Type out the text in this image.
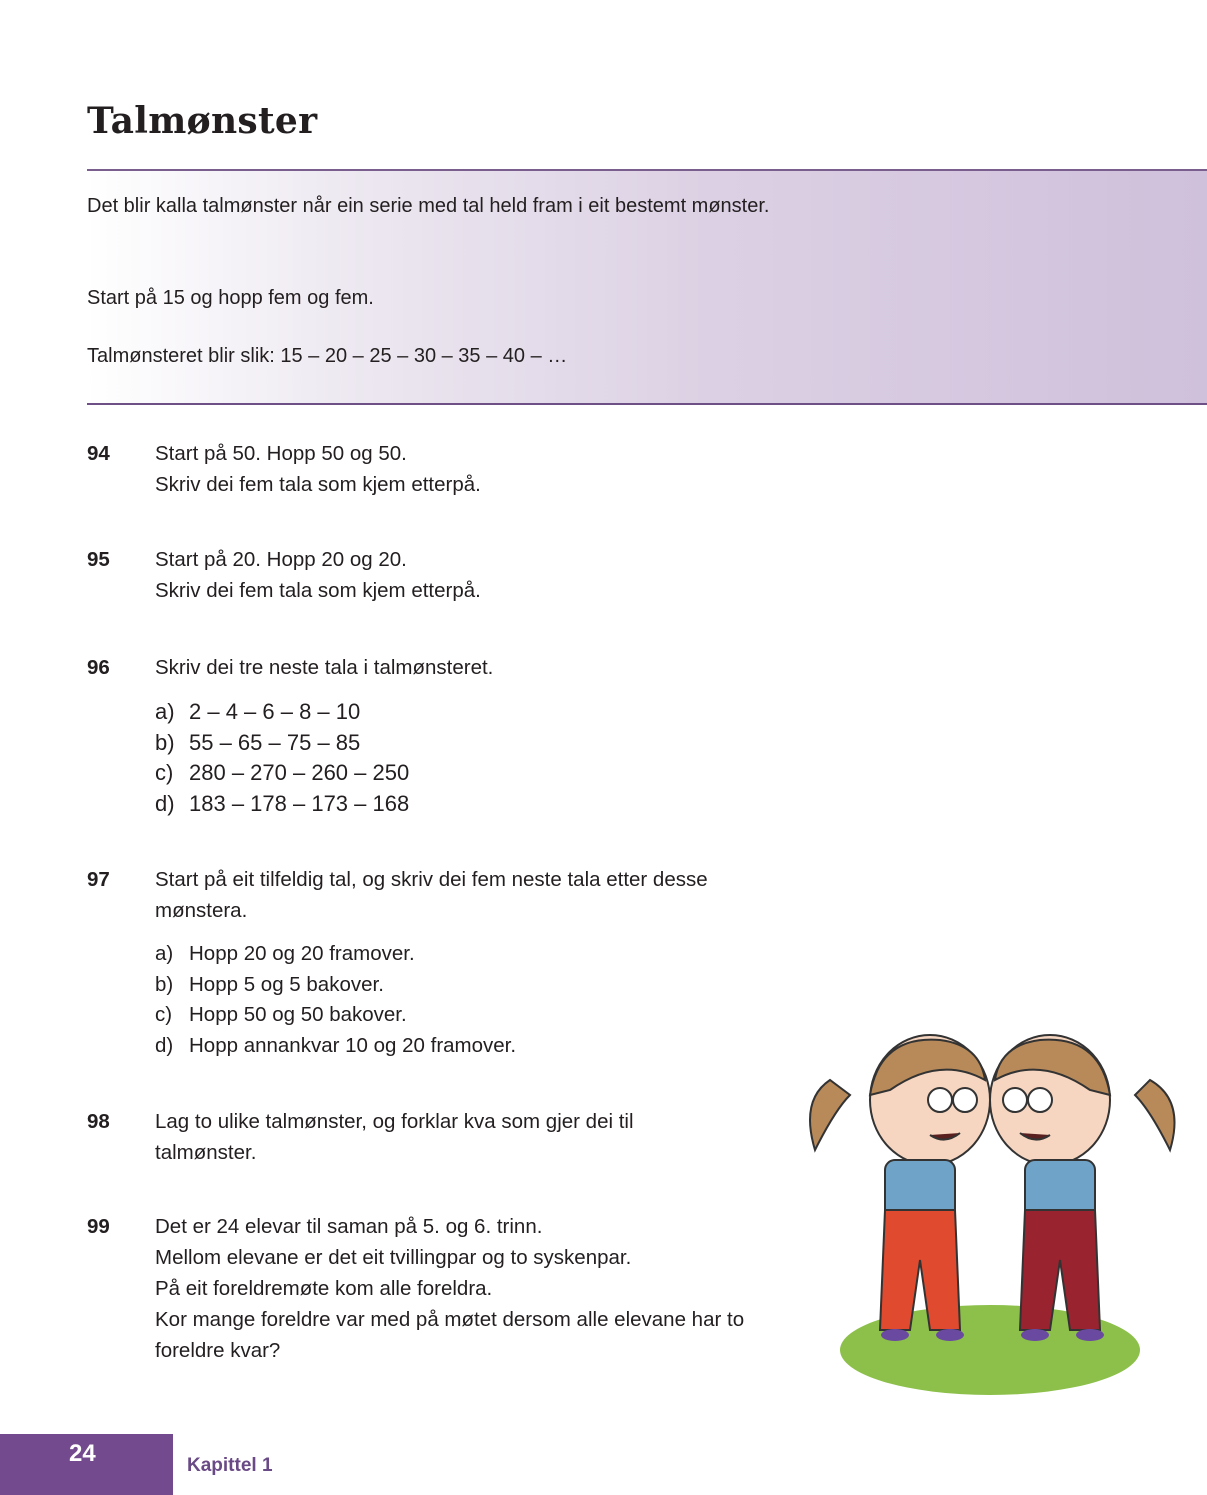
Talmønster

Det blir kalla talmønster når ein serie med tal held fram i eit bestemt mønster.

Start på 15 og hopp fem og fem.

Talmønsteret blir slik: 15 – 20 – 25 – 30 – 35 – 40 – …

94	Start på 50. Hopp 50 og 50.
Skriv dei fem tala som kjem etterpå.
95	Start på 20. Hopp 20 og 20.
Skriv dei fem tala som kjem etterpå.
96	Skriv dei tre neste tala i talmønsteret.
a) 2 – 4 – 6 – 8 – 10
b) 55 – 65 – 75 – 85
c) 280 – 270 – 260 – 250
d) 183 – 178 – 173 – 168
97	Start på eit tilfeldig tal, og skriv dei fem neste tala etter desse mønstera.
a) Hopp 20 og 20 framover.
b) Hopp 5 og 5 bakover.
c) Hopp 50 og 50 bakover.
d) Hopp annankvar 10 og 20 framover.
98	Lag to ulike talmønster, og forklar kva som gjer dei til talmønster.
99	Det er 24 elevar til saman på 5. og 6. trinn.
Mellom elevane er det eit tvillingpar og to syskenpar.
På eit foreldremøte kom alle foreldra.
Kor mange foreldre var med på møtet dersom alle elevane har to foreldre kvar?
24	Kapittel 1
